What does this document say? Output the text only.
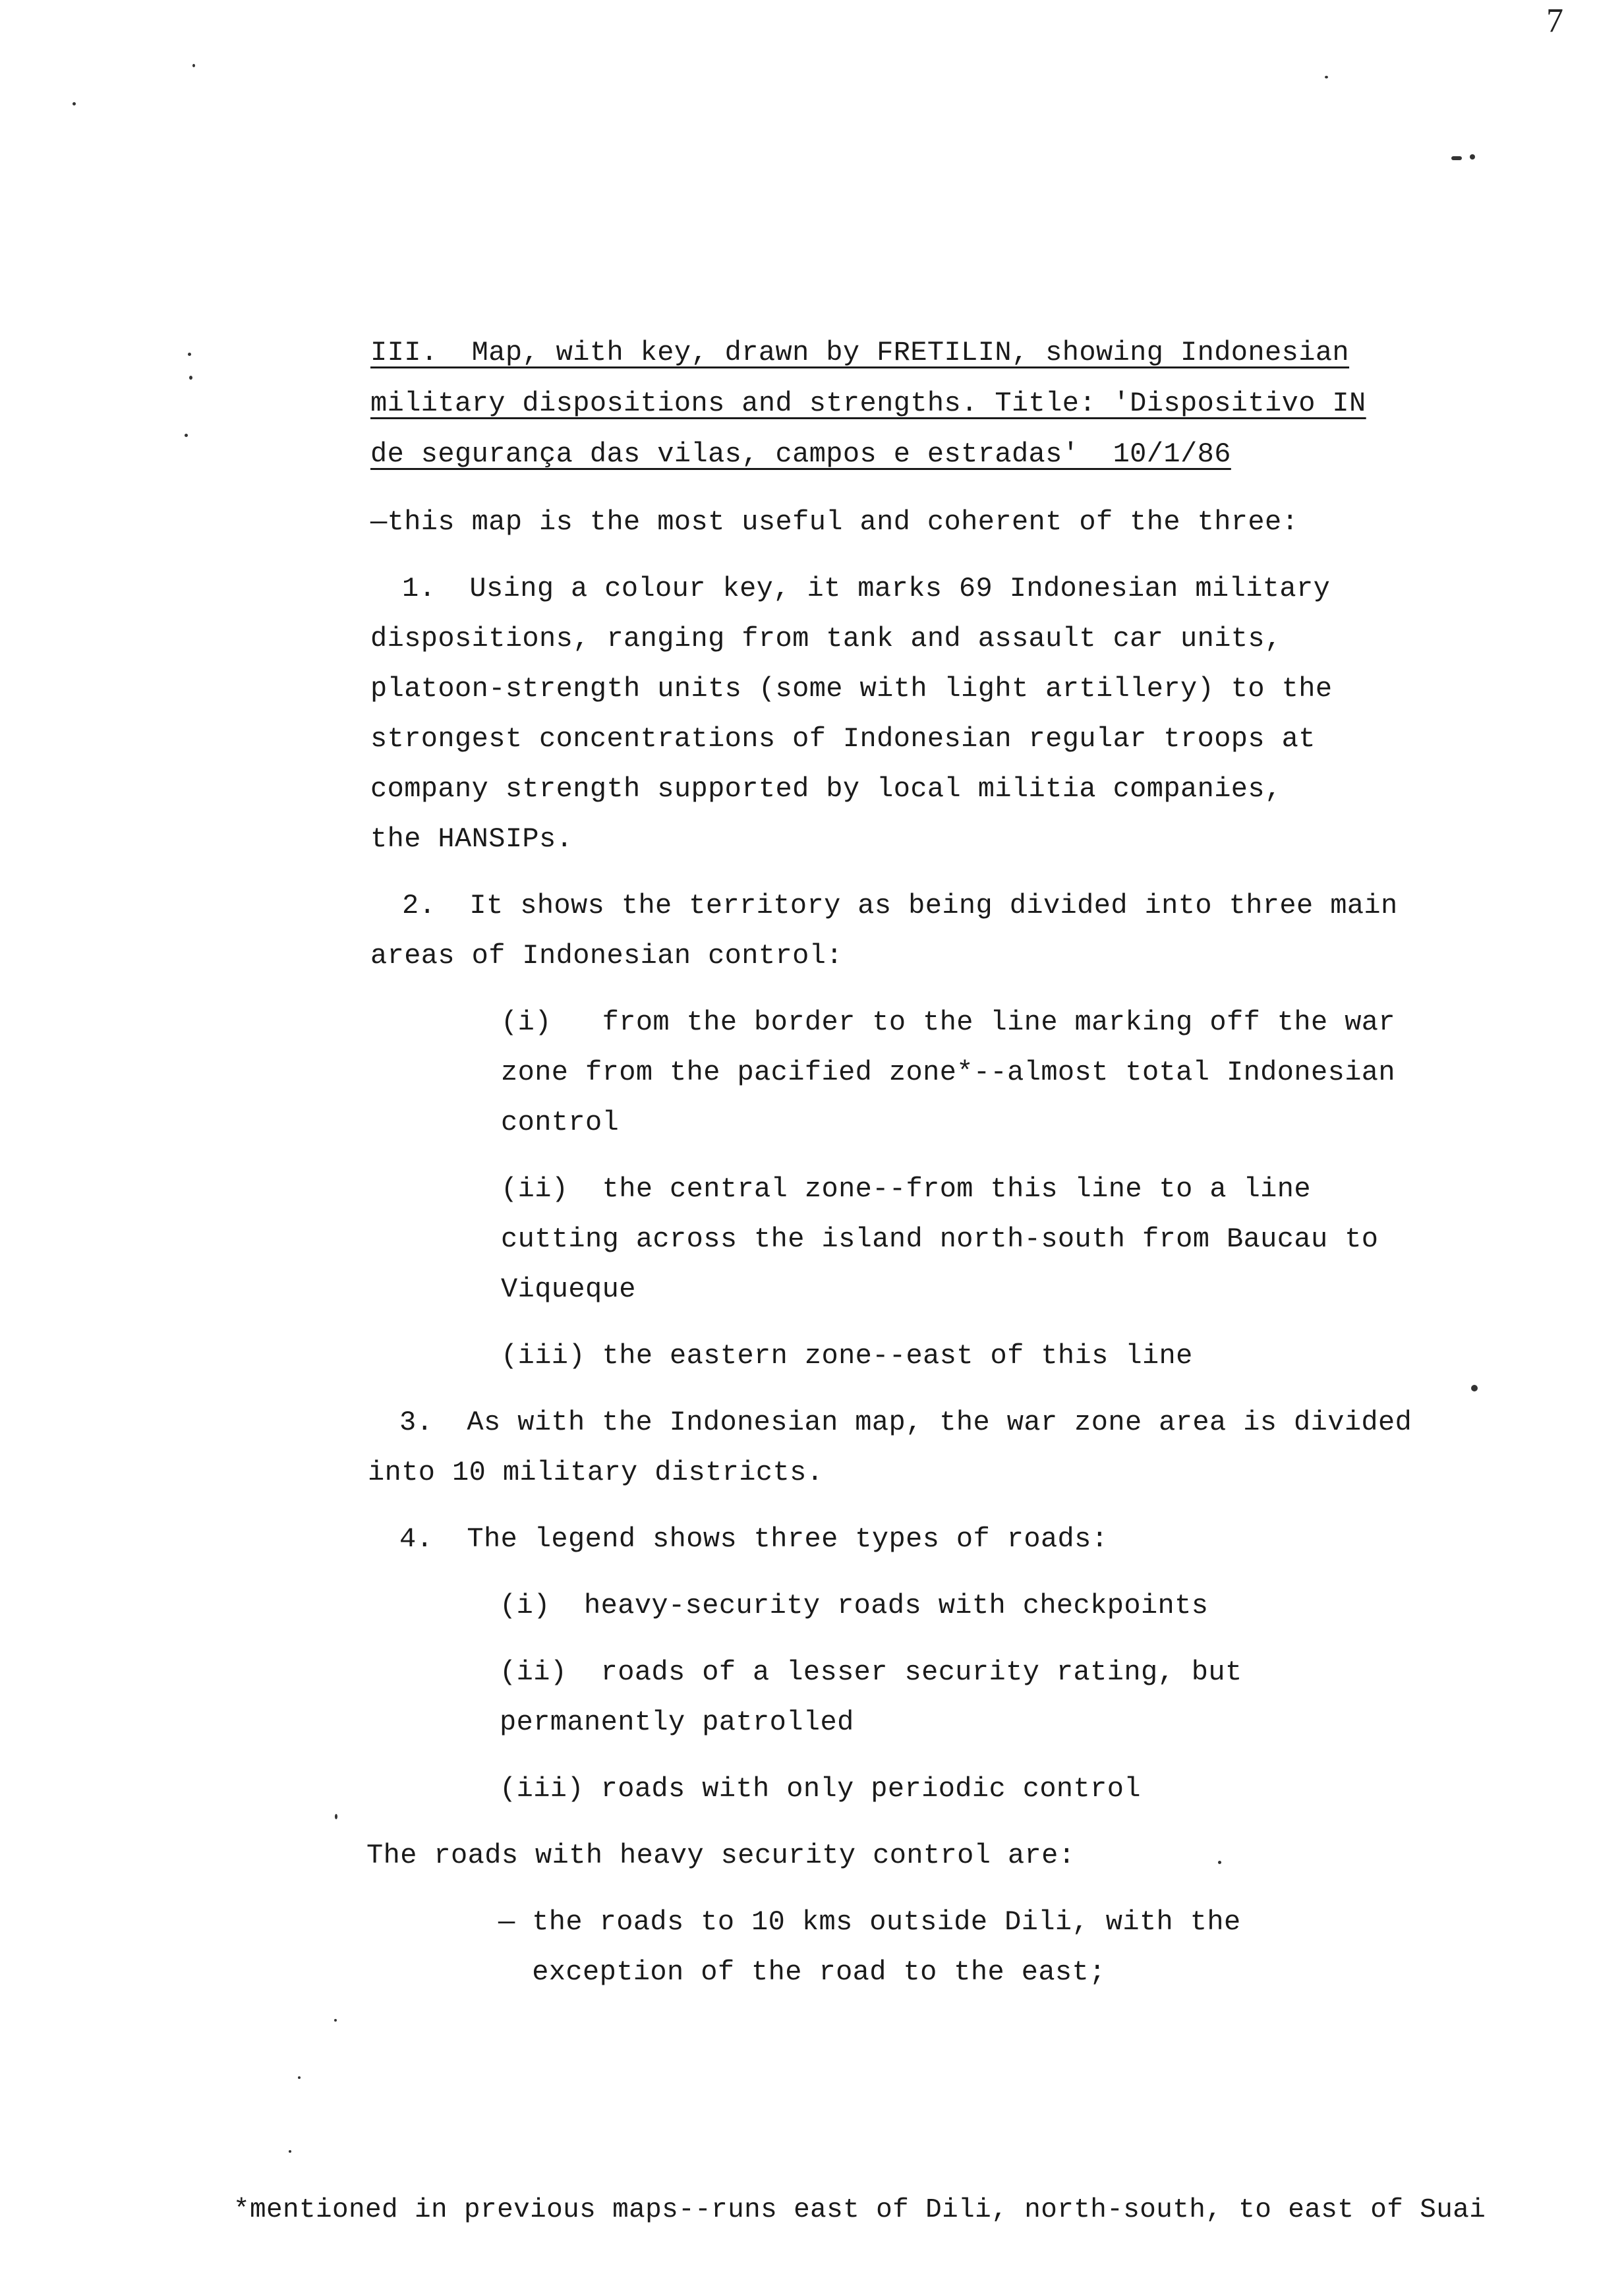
7
III.  Map, with key, drawn by FRETILIN, showing Indonesian
military dispositions and strengths. Title: 'Dispositivo IN
de segurança das vilas, campos e estradas'  10/1/86
—this map is the most useful and coherent of the three:
1.  Using a colour key, it marks 69 Indonesian military
dispositions, ranging from tank and assault car units,
platoon-strength units (some with light artillery) to the
strongest concentrations of Indonesian regular troops at
company strength supported by local militia companies,
the HANSIPs.
2.  It shows the territory as being divided into three main
areas of Indonesian control:
(i)   from the border to the line marking off the war
zone from the pacified zone*--almost total Indonesian
control
(ii)  the central zone--from this line to a line
cutting across the island north-south from Baucau to
Viqueque
(iii) the eastern zone--east of this line
3.  As with the Indonesian map, the war zone area is divided
into 10 military districts.
4.  The legend shows three types of roads:
(i)  heavy-security roads with checkpoints
(ii)  roads of a lesser security rating, but
permanently patrolled
(iii) roads with only periodic control
The roads with heavy security control are:
— the roads to 10 kms outside Dili, with the
exception of the road to the east;
*mentioned in previous maps--runs east of Dili, north-south, to east of Suai
